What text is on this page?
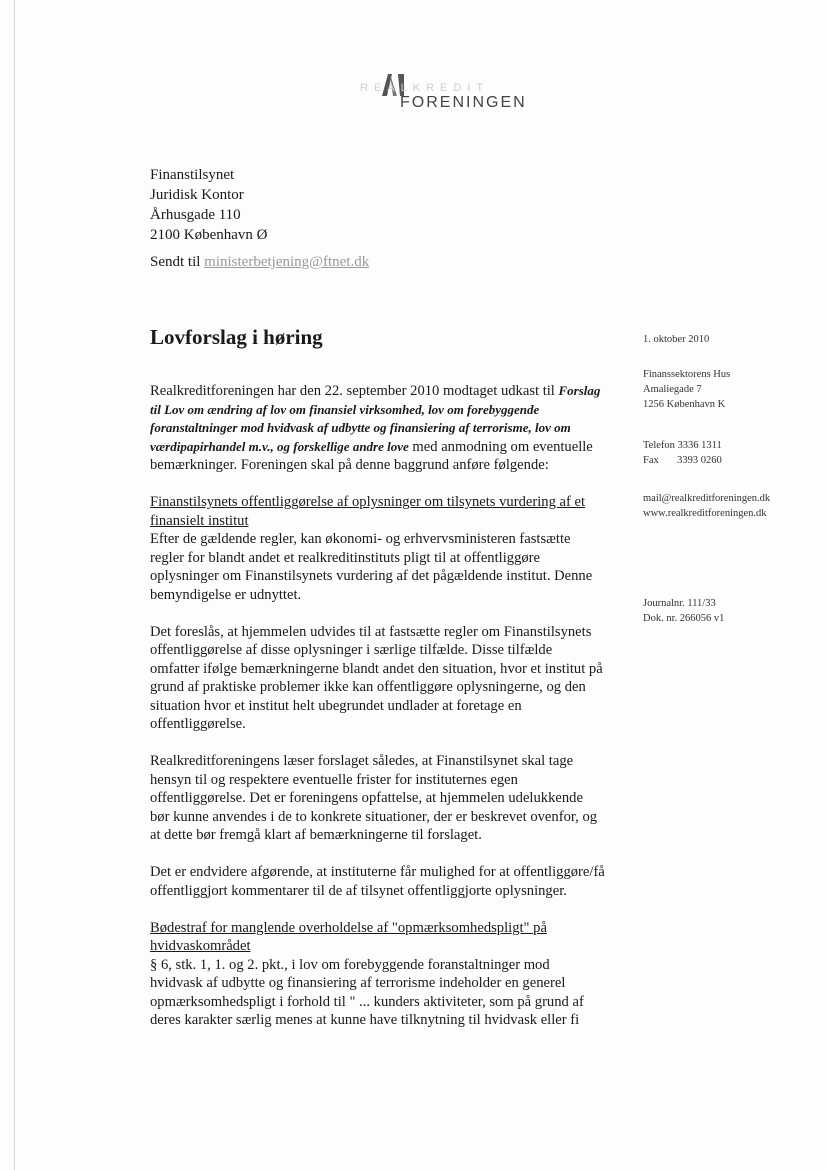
REALKREDIT
FORENINGEN
Finanstilsynet
Juridisk Kontor
Århusgade 110
2100 København Ø
Sendt til ministerbetjening@ftnet.dk
Lovforslag i høring	1. oktober 2010
Finanssektorens Hus
Amaliegade 7
1256 København K
Telefon 3336 1311
Fax 3393 0260
mail@realkreditforeningen.dk
www.realkreditforeningen.dk
Journalnr. 111/33
Dok. nr. 266056 v1

Realkreditforeningen har den 22. september 2010 modtaget udkast til Forslag til Lov om ændring af lov om finansiel virksomhed, lov om forebyggende foranstaltninger mod hvidvask af udbytte og finansiering af terrorisme, lov om værdipapirhandel m.v., og forskellige andre love med anmodning om eventuelle bemærkninger. Foreningen skal på denne baggrund anføre følgende:

Finanstilsynets offentliggørelse af oplysninger om tilsynets vurdering af et finansielt institut

Efter de gældende regler, kan økonomi- og erhvervsministeren fastsætte regler for blandt andet et realkreditinstituts pligt til at offentliggøre oplysninger om Finanstilsynets vurdering af det pågældende institut. Denne bemyndigelse er udnyttet.

Det foreslås, at hjemmelen udvides til at fastsætte regler om Finanstilsynets offentliggørelse af disse oplysninger i særlige tilfælde. Disse tilfælde omfatter ifølge bemærkningerne blandt andet den situation, hvor et institut på grund af praktiske problemer ikke kan offentliggøre oplysningerne, og den situation hvor et institut helt ubegrundet undlader at foretage en offentliggørelse.

Realkreditforeningens læser forslaget således, at Finanstilsynet skal tage hensyn til og respektere eventuelle frister for instituternes egen offentliggørelse. Det er foreningens opfattelse, at hjemmelen udelukkende bør kunne anvendes i de to konkrete situationer, der er beskrevet ovenfor, og at dette bør fremgå klart af bemærkningerne til forslaget.

Det er endvidere afgørende, at instituterne får mulighed for at offentliggøre/få offentliggjort kommentarer til de af tilsynet offentliggjorte oplysninger.

Bødestraf for manglende overholdelse af "opmærksomhedspligt" på hvidvaskområdet

§ 6, stk. 1, 1. og 2. pkt., i lov om forebyggende foranstaltninger mod hvidvask af udbytte og finansiering af terrorisme indeholder en generel opmærksomhedspligt i forhold til " ... kunders aktiviteter, som på grund af deres karakter særlig menes at kunne have tilknytning til hvidvask eller fi
